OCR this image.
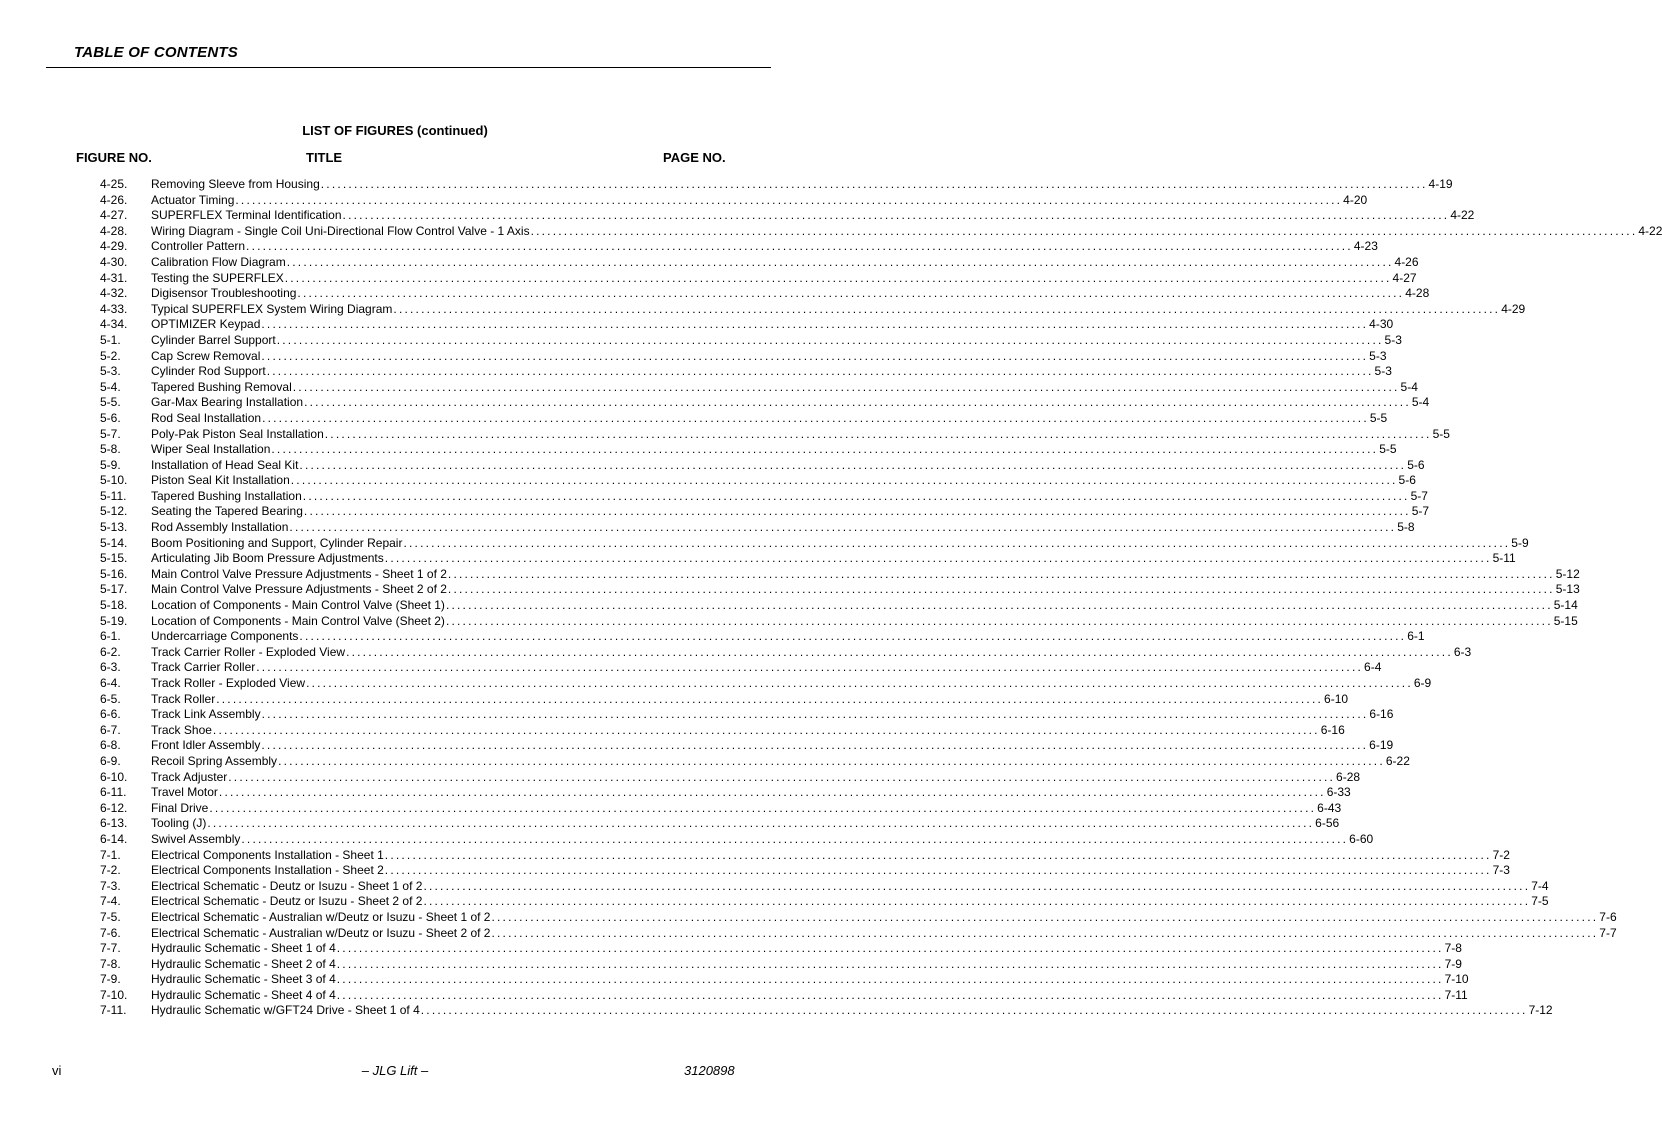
TABLE OF CONTENTS
LIST OF FIGURES (continued)
FIGURE NO.	TITLE	PAGE NO.
4-25.	Removing Sleeve from Housing ........................................................................................................................................................................................................ 4-19
4-26.	Actuator Timing ........................................................................................................................................................................................................ 4-20
4-27.	SUPERFLEX Terminal Identification ........................................................................................................................................................................................................ 4-22
4-28.	Wiring Diagram - Single Coil Uni-Directional Flow Control Valve - 1 Axis ........................................................................................................................................................................................................ 4-22
4-29.	Controller Pattern ........................................................................................................................................................................................................ 4-23
4-30.	Calibration Flow Diagram ........................................................................................................................................................................................................ 4-26
4-31.	Testing the SUPERFLEX ........................................................................................................................................................................................................ 4-27
4-32.	Digisensor Troubleshooting ........................................................................................................................................................................................................ 4-28
4-33.	Typical SUPERFLEX System Wiring Diagram ........................................................................................................................................................................................................ 4-29
4-34.	OPTIMIZER Keypad ........................................................................................................................................................................................................ 4-30
5-1.	Cylinder Barrel Support ........................................................................................................................................................................................................ 5-3
5-2.	Cap Screw Removal ........................................................................................................................................................................................................ 5-3
5-3.	Cylinder Rod Support ........................................................................................................................................................................................................ 5-3
5-4.	Tapered Bushing Removal ........................................................................................................................................................................................................ 5-4
5-5.	Gar-Max Bearing Installation ........................................................................................................................................................................................................ 5-4
5-6.	Rod Seal Installation ........................................................................................................................................................................................................ 5-5
5-7.	Poly-Pak Piston Seal Installation ........................................................................................................................................................................................................ 5-5
5-8.	Wiper Seal Installation ........................................................................................................................................................................................................ 5-5
5-9.	Installation of Head Seal Kit ........................................................................................................................................................................................................ 5-6
5-10.	Piston Seal Kit Installation ........................................................................................................................................................................................................ 5-6
5-11.	Tapered Bushing Installation ........................................................................................................................................................................................................ 5-7
5-12.	Seating the Tapered Bearing ........................................................................................................................................................................................................ 5-7
5-13.	Rod Assembly Installation ........................................................................................................................................................................................................ 5-8
5-14.	Boom Positioning and Support, Cylinder Repair ........................................................................................................................................................................................................ 5-9
5-15.	Articulating Jib Boom Pressure Adjustments ........................................................................................................................................................................................................ 5-11
5-16.	Main Control Valve Pressure Adjustments - Sheet 1 of 2 ........................................................................................................................................................................................................ 5-12
5-17.	Main Control Valve Pressure Adjustments - Sheet 2 of 2 ........................................................................................................................................................................................................ 5-13
5-18.	Location of Components - Main Control Valve (Sheet 1) ........................................................................................................................................................................................................ 5-14
5-19.	Location of Components - Main Control Valve (Sheet 2) ........................................................................................................................................................................................................ 5-15
6-1.	Undercarriage Components ........................................................................................................................................................................................................ 6-1
6-2.	Track Carrier Roller - Exploded View ........................................................................................................................................................................................................ 6-3
6-3.	Track Carrier Roller ........................................................................................................................................................................................................ 6-4
6-4.	Track Roller - Exploded View ........................................................................................................................................................................................................ 6-9
6-5.	Track Roller ........................................................................................................................................................................................................ 6-10
6-6.	Track Link Assembly ........................................................................................................................................................................................................ 6-16
6-7.	Track Shoe ........................................................................................................................................................................................................ 6-16
6-8.	Front Idler Assembly ........................................................................................................................................................................................................ 6-19
6-9.	Recoil Spring Assembly ........................................................................................................................................................................................................ 6-22
6-10.	Track Adjuster ........................................................................................................................................................................................................ 6-28
6-11.	Travel Motor ........................................................................................................................................................................................................ 6-33
6-12.	Final Drive ........................................................................................................................................................................................................ 6-43
6-13.	Tooling (J) ........................................................................................................................................................................................................ 6-56
6-14.	Swivel Assembly ........................................................................................................................................................................................................ 6-60
7-1.	Electrical Components Installation - Sheet 1 ........................................................................................................................................................................................................ 7-2
7-2.	Electrical Components Installation - Sheet 2 ........................................................................................................................................................................................................ 7-3
7-3.	Electrical Schematic - Deutz or Isuzu - Sheet 1 of 2 ........................................................................................................................................................................................................ 7-4
7-4.	Electrical Schematic - Deutz or Isuzu - Sheet 2 of 2 ........................................................................................................................................................................................................ 7-5
7-5.	Electrical Schematic - Australian w/Deutz or Isuzu - Sheet 1 of 2 ........................................................................................................................................................................................................ 7-6
7-6.	Electrical Schematic - Australian w/Deutz or Isuzu - Sheet 2 of 2 ........................................................................................................................................................................................................ 7-7
7-7.	Hydraulic Schematic - Sheet 1 of 4 ........................................................................................................................................................................................................ 7-8
7-8.	Hydraulic Schematic - Sheet 2 of 4 ........................................................................................................................................................................................................ 7-9
7-9.	Hydraulic Schematic - Sheet 3 of 4 ........................................................................................................................................................................................................ 7-10
7-10.	Hydraulic Schematic - Sheet 4 of 4 ........................................................................................................................................................................................................ 7-11
7-11.	Hydraulic Schematic w/GFT24 Drive - Sheet 1 of 4 ........................................................................................................................................................................................................ 7-12
vi	– JLG Lift –	3120898
